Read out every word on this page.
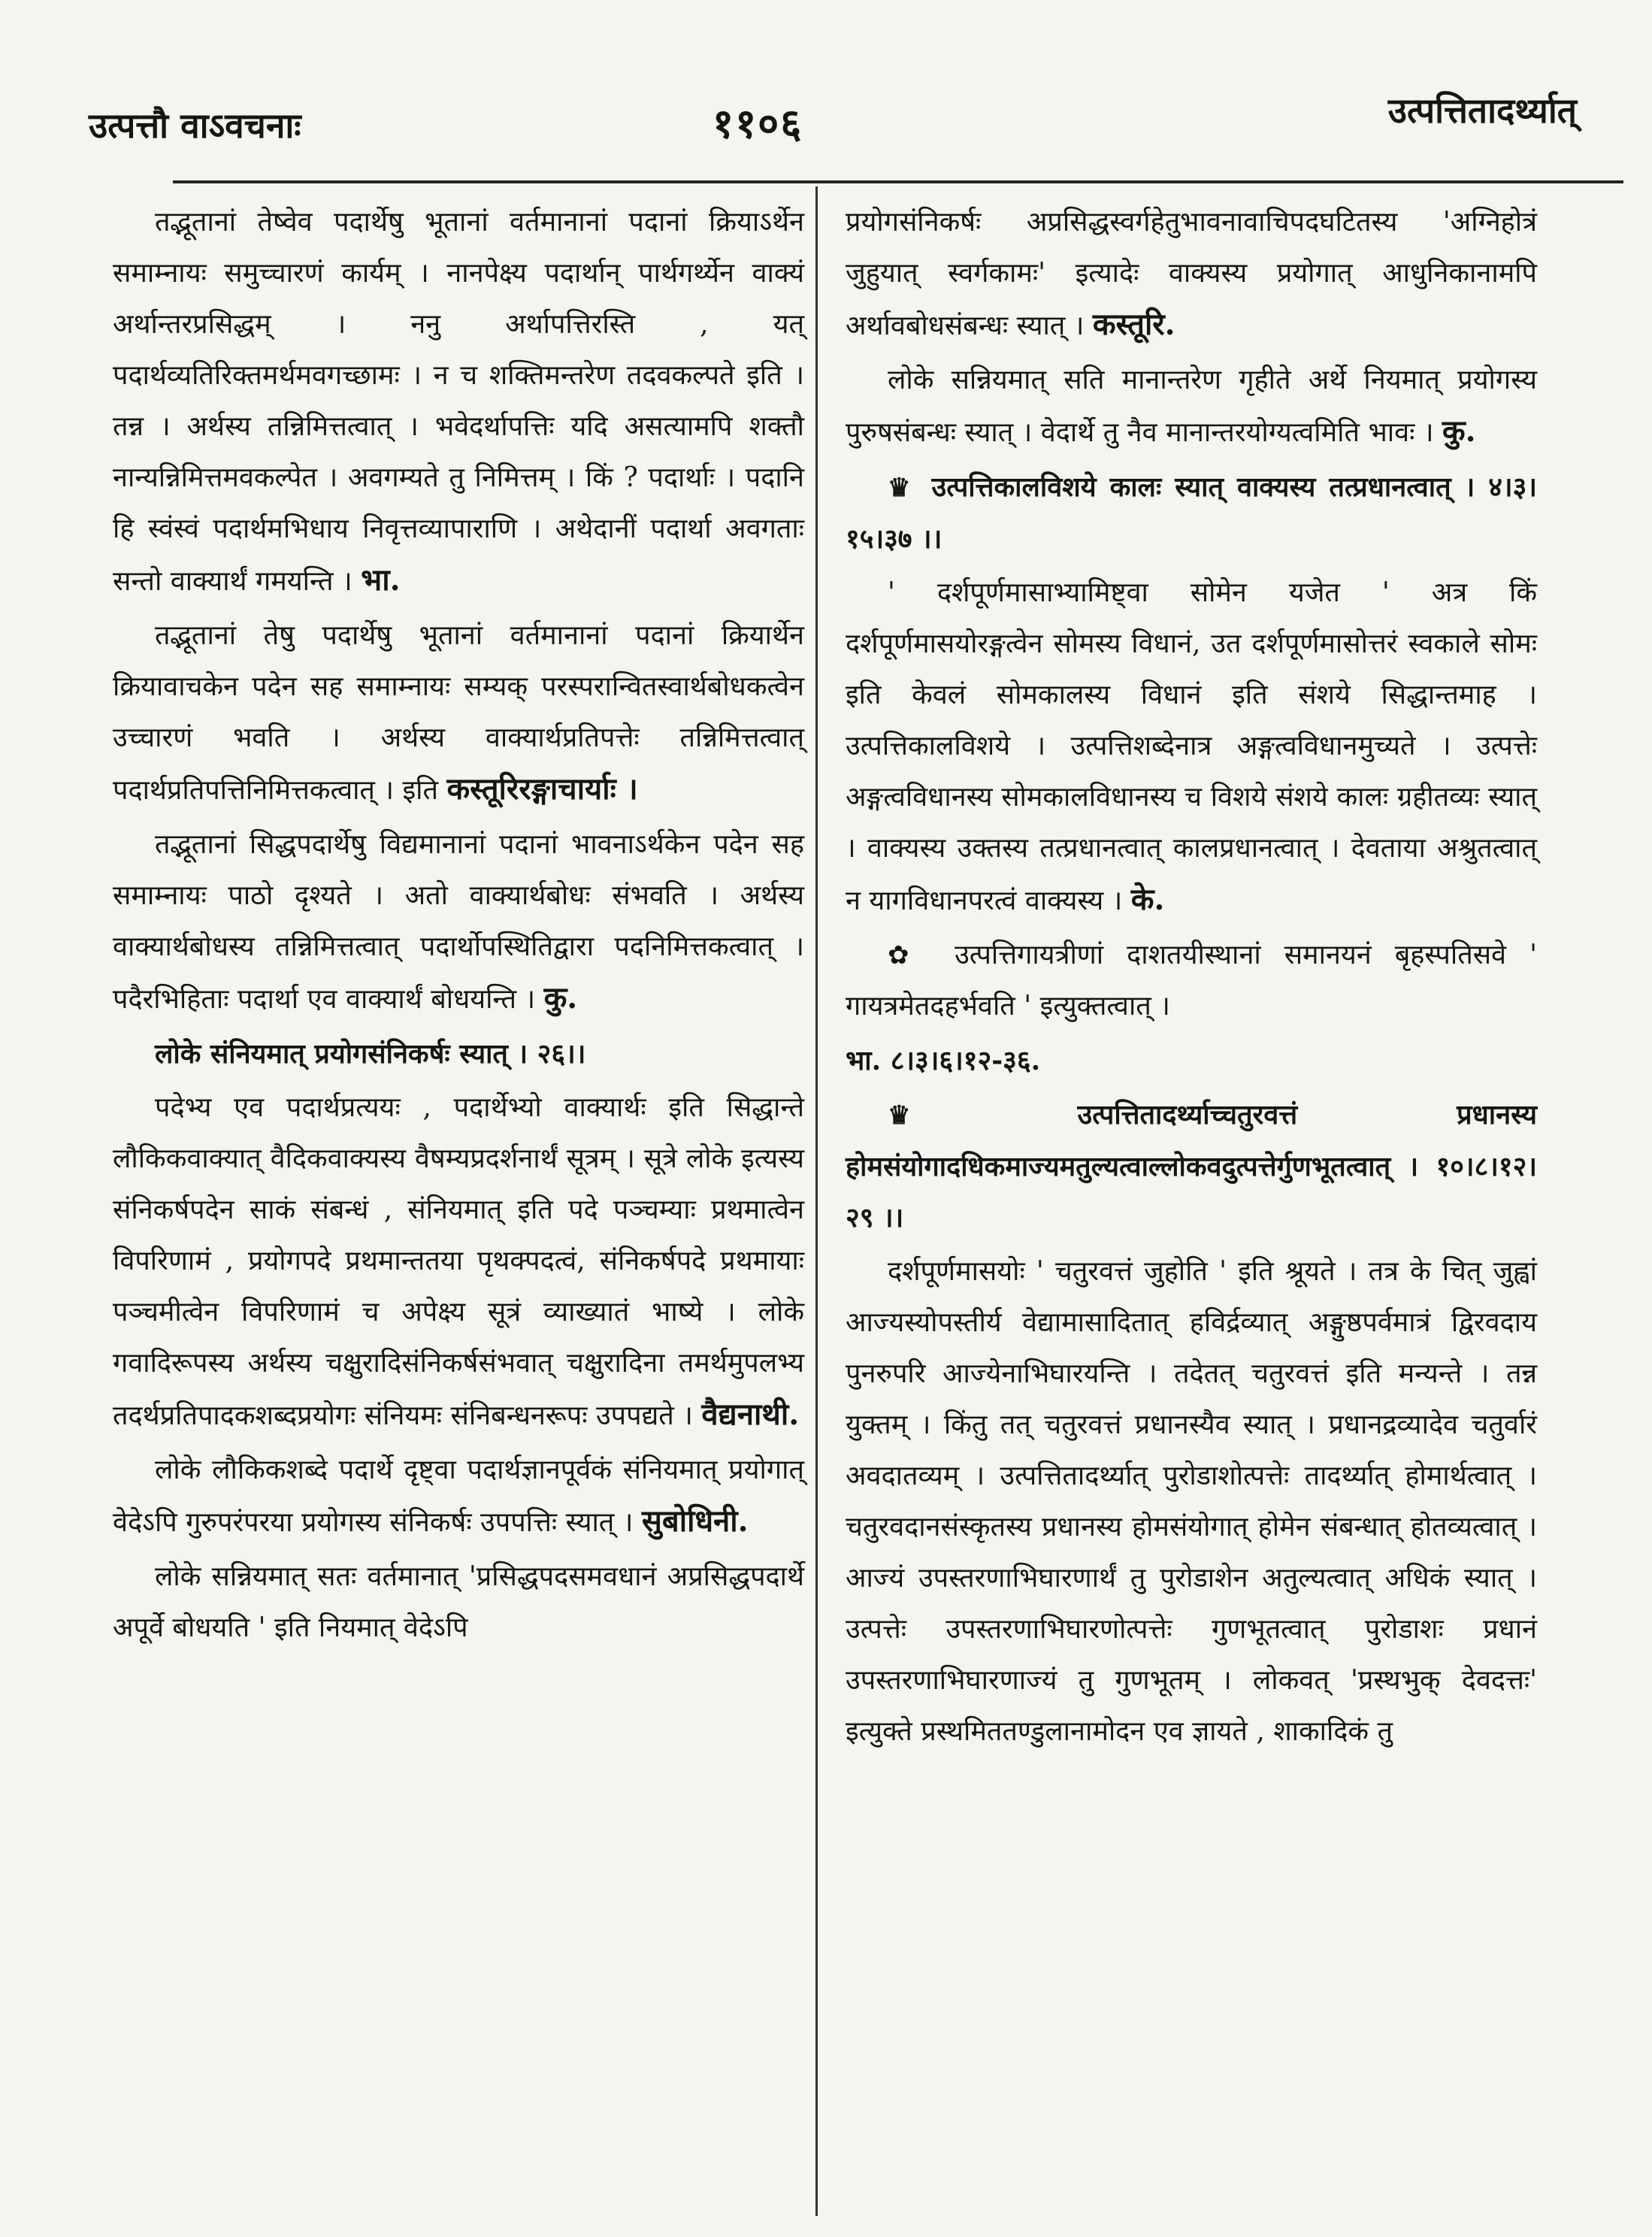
उत्पत्तौ वाऽवचनाः	११०६	उत्पत्तितादर्थ्यात्

तद्भूतानां तेष्वेव पदार्थेषु भूतानां वर्तमानानां पदानां क्रियाऽर्थेन समाम्नायः समुच्चारणं कार्यम् । नानपेक्ष्य पदार्थान् पार्थगर्थ्येन वाक्यं अर्थान्तरप्रसिद्धम् । ननु अर्थापत्तिरस्ति , यत् पदार्थव्यतिरिक्तमर्थमवगच्छामः । न च शक्तिमन्तरेण तदवकल्पते इति । तन्न । अर्थस्य तन्निमित्तत्वात् । भवेदर्थापत्तिः यदि असत्यामपि शक्तौ नान्यन्निमित्तमवकल्पेत । अवगम्यते तु निमित्तम् । किं ? पदार्थाः । पदानि हि स्वंस्वं पदार्थमभिधाय निवृत्तव्यापाराणि । अथेदानीं पदार्था अवगताः सन्तो वाक्यार्थं गमयन्ति । भा.

तद्भूतानां तेषु पदार्थेषु भूतानां वर्तमानानां पदानां क्रियार्थेन क्रियावाचकेन पदेन सह समाम्नायः सम्यक् परस्परान्वितस्वार्थबोधकत्वेन उच्चारणं भवति । अर्थस्य वाक्यार्थप्रतिपत्तेः तन्निमित्तत्वात् पदार्थप्रतिपत्तिनिमित्तकत्वात् । इति कस्तूरिरङ्गाचार्याः ।

तद्भूतानां सिद्धपदार्थेषु विद्यमानानां पदानां भावनाऽर्थकेन पदेन सह समाम्नायः पाठो दृश्यते । अतो वाक्यार्थबोधः संभवति । अर्थस्य वाक्यार्थबोधस्य तन्निमित्तत्वात् पदार्थोपस्थितिद्वारा पदनिमित्तकत्वात् । पदैरभिहिताः पदार्था एव वाक्यार्थं बोधयन्ति । कु.

लोके संनियमात् प्रयोगसंनिकर्षः स्यात् । २६।।

पदेभ्य एव पदार्थप्रत्ययः , पदार्थेभ्यो वाक्यार्थः इति सिद्धान्ते लौकिकवाक्यात् वैदिकवाक्यस्य वैषम्यप्रदर्शनार्थं सूत्रम् । सूत्रे लोके इत्यस्य संनिकर्षपदेन साकं संबन्धं , संनियमात् इति पदे पञ्चम्याः प्रथमात्वेन विपरिणामं , प्रयोगपदे प्रथमान्ततया पृथक्पदत्वं, संनिकर्षपदे प्रथमायाः पञ्चमीत्वेन विपरिणामं च अपेक्ष्य सूत्रं व्याख्यातं भाष्ये । लोके गवादिरूपस्य अर्थस्य चक्षुरादिसंनिकर्षसंभवात् चक्षुरादिना तमर्थमुपलभ्य तदर्थप्रतिपादकशब्दप्रयोगः संनियमः संनिबन्धनरूपः उपपद्यते । वैद्यनाथी.

लोके लौकिकशब्दे पदार्थे दृष्ट्वा पदार्थज्ञानपूर्वकं संनियमात् प्रयोगात् वेदेऽपि गुरुपरंपरया प्रयोगस्य संनिकर्षः उपपत्तिः स्यात् । सुबोधिनी.

लोके सन्नियमात् सतः वर्तमानात् 'प्रसिद्धपदसमवधानं अप्रसिद्धपदार्थे अपूर्वे बोधयति ' इति नियमात् वेदेऽपि

प्रयोगसंनिकर्षः अप्रसिद्धस्वर्गहेतुभावनावाचिपदघटितस्य 'अग्निहोत्रं जुहुयात् स्वर्गकामः' इत्यादेः वाक्यस्य प्रयोगात् आधुनिकानामपि अर्थावबोधसंबन्धः स्यात् । कस्तूरि.

लोके सन्नियमात् सति मानान्तरेण गृहीते अर्थे नियमात् प्रयोगस्य पुरुषसंबन्धः स्यात् । वेदार्थे तु नैव मानान्तरयोग्यत्वमिति भावः । कु.

♛ उत्पत्तिकालविशये कालः स्यात् वाक्यस्य तत्प्रधानत्वात् । ४।३।१५।३७ ।।

' दर्शपूर्णमासाभ्यामिष्ट्वा सोमेन यजेत ' अत्र किं दर्शपूर्णमासयोरङ्गत्वेन सोमस्य विधानं, उत दर्शपूर्णमासोत्तरं स्वकाले सोमः इति केवलं सोमकालस्य विधानं इति संशये सिद्धान्तमाह । उत्पत्तिकालविशये । उत्पत्तिशब्देनात्र अङ्गत्वविधानमुच्यते । उत्पत्तेः अङ्गत्वविधानस्य सोमकालविधानस्य च विशये संशये कालः ग्रहीतव्यः स्यात् । वाक्यस्य उक्तस्य तत्प्रधानत्वात् कालप्रधानत्वात् । देवताया अश्रुतत्वात् न यागविधानपरत्वं वाक्यस्य । के.

✿ उत्पत्तिगायत्रीणां दाशतयीस्थानां समानयनं बृहस्पतिसवे ' गायत्रमेतदहर्भवति ' इत्युक्तत्वात् ।

भा. ८।३।६।१२-३६.

♛	उत्पत्तितादर्थ्याच्चतुरवत्तं प्रधानस्य होमसंयोगादधिकमाज्यमतुल्यत्वाल्लोकवदुत्पत्तेर्गुणभूतत्वात् । १०।८।१२।२९ ।।

दर्शपूर्णमासयोः ' चतुरवत्तं जुहोति ' इति श्रूयते । तत्र के चित् जुह्वां आज्यस्योपस्तीर्य वेद्यामासादितात् हविर्द्रव्यात् अङ्गुष्ठपर्वमात्रं द्विरवदाय पुनरुपरि आज्येनाभिघारयन्ति । तदेतत् चतुरवत्तं इति मन्यन्ते । तन्न युक्तम् । किंतु तत् चतुरवत्तं प्रधानस्यैव स्यात् । प्रधानद्रव्यादेव चतुर्वारं अवदातव्यम् । उत्पत्तितादर्थ्यात् पुरोडाशोत्पत्तेः तादर्थ्यात् होमार्थत्वात् । चतुरवदानसंस्कृतस्य प्रधानस्य होमसंयोगात् होमेन संबन्धात् होतव्यत्वात् । आज्यं उपस्तरणाभिघारणार्थं तु पुरोडाशेन अतुल्यत्वात् अधिकं स्यात् । उत्पत्तेः उपस्तरणाभिघारणोत्पत्तेः गुणभूतत्वात् पुरोडाशः प्रधानं उपस्तरणाभिघारणाज्यं तु गुणभूतम् । लोकवत् 'प्रस्थभुक् देवदत्तः' इत्युक्ते प्रस्थमिततण्डुलानामोदन एव ज्ञायते , शाकादिकं तु
